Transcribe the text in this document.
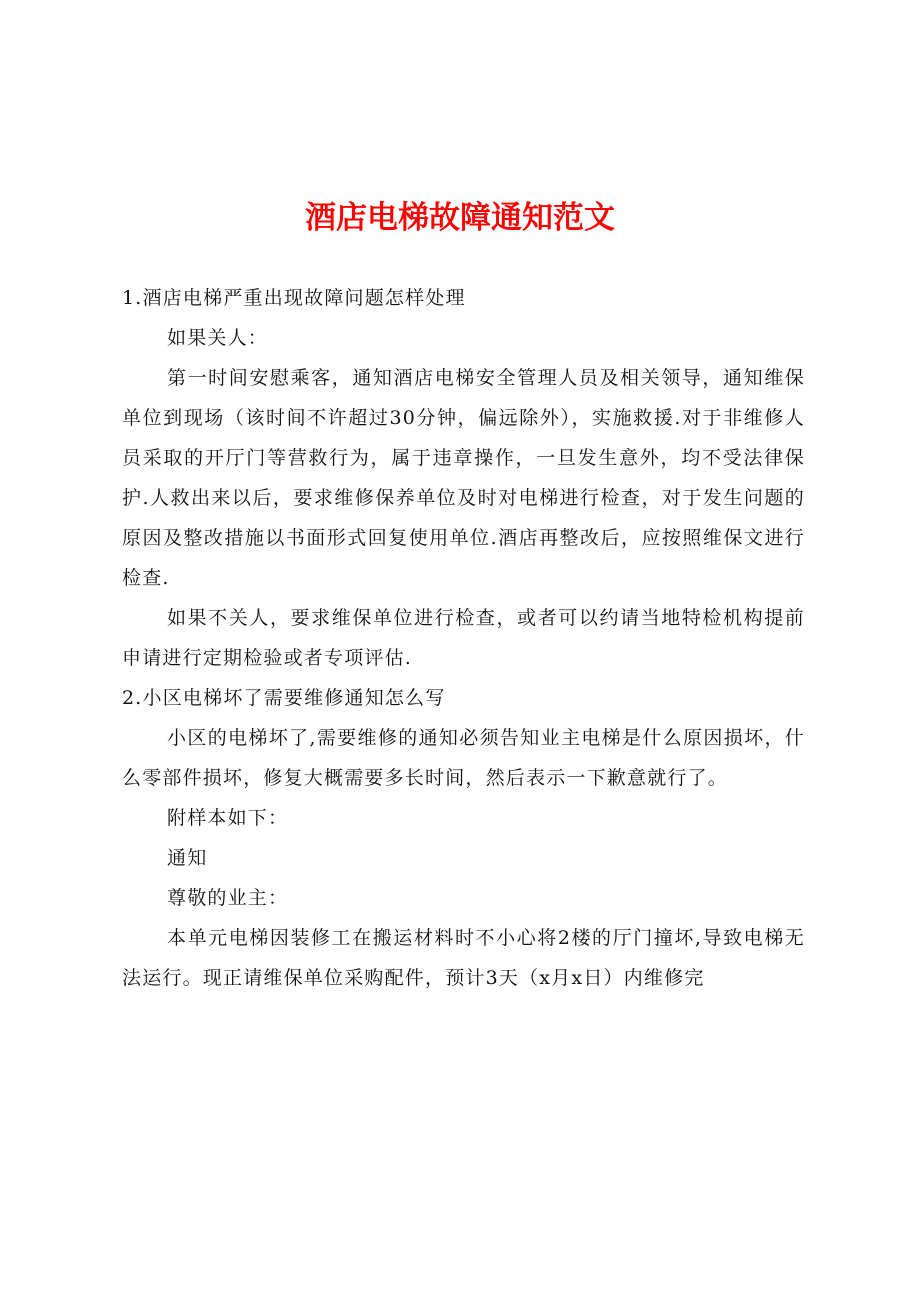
酒店电梯故障通知范文

1.酒店电梯严重出现故障问题怎样处理

如果关人：

第一时间安慰乘客，通知酒店电梯安全管理人员及相关领导，通知维保单位到现场（该时间不许超过30分钟，偏远除外），实施救援.对于非维修人员采取的开厅门等营救行为，属于违章操作，一旦发生意外，均不受法律保护.人救出来以后，要求维修保养单位及时对电梯进行检查，对于发生问题的原因及整改措施以书面形式回复使用单位.酒店再整改后，应按照维保文进行检查.

如果不关人，要求维保单位进行检查，或者可以约请当地特检机构提前申请进行定期检验或者专项评估.

2.小区电梯坏了需要维修通知怎么写

小区的电梯坏了,需要维修的通知必须告知业主电梯是什么原因损坏，什么零部件损坏，修复大概需要多长时间，然后表示一下歉意就行了。

附样本如下：

通知

尊敬的业主：

本单元电梯因装修工在搬运材料时不小心将2楼的厅门撞坏,导致电梯无法运行。现正请维保单位采购配件，预计3天（x月x日）内维修完
